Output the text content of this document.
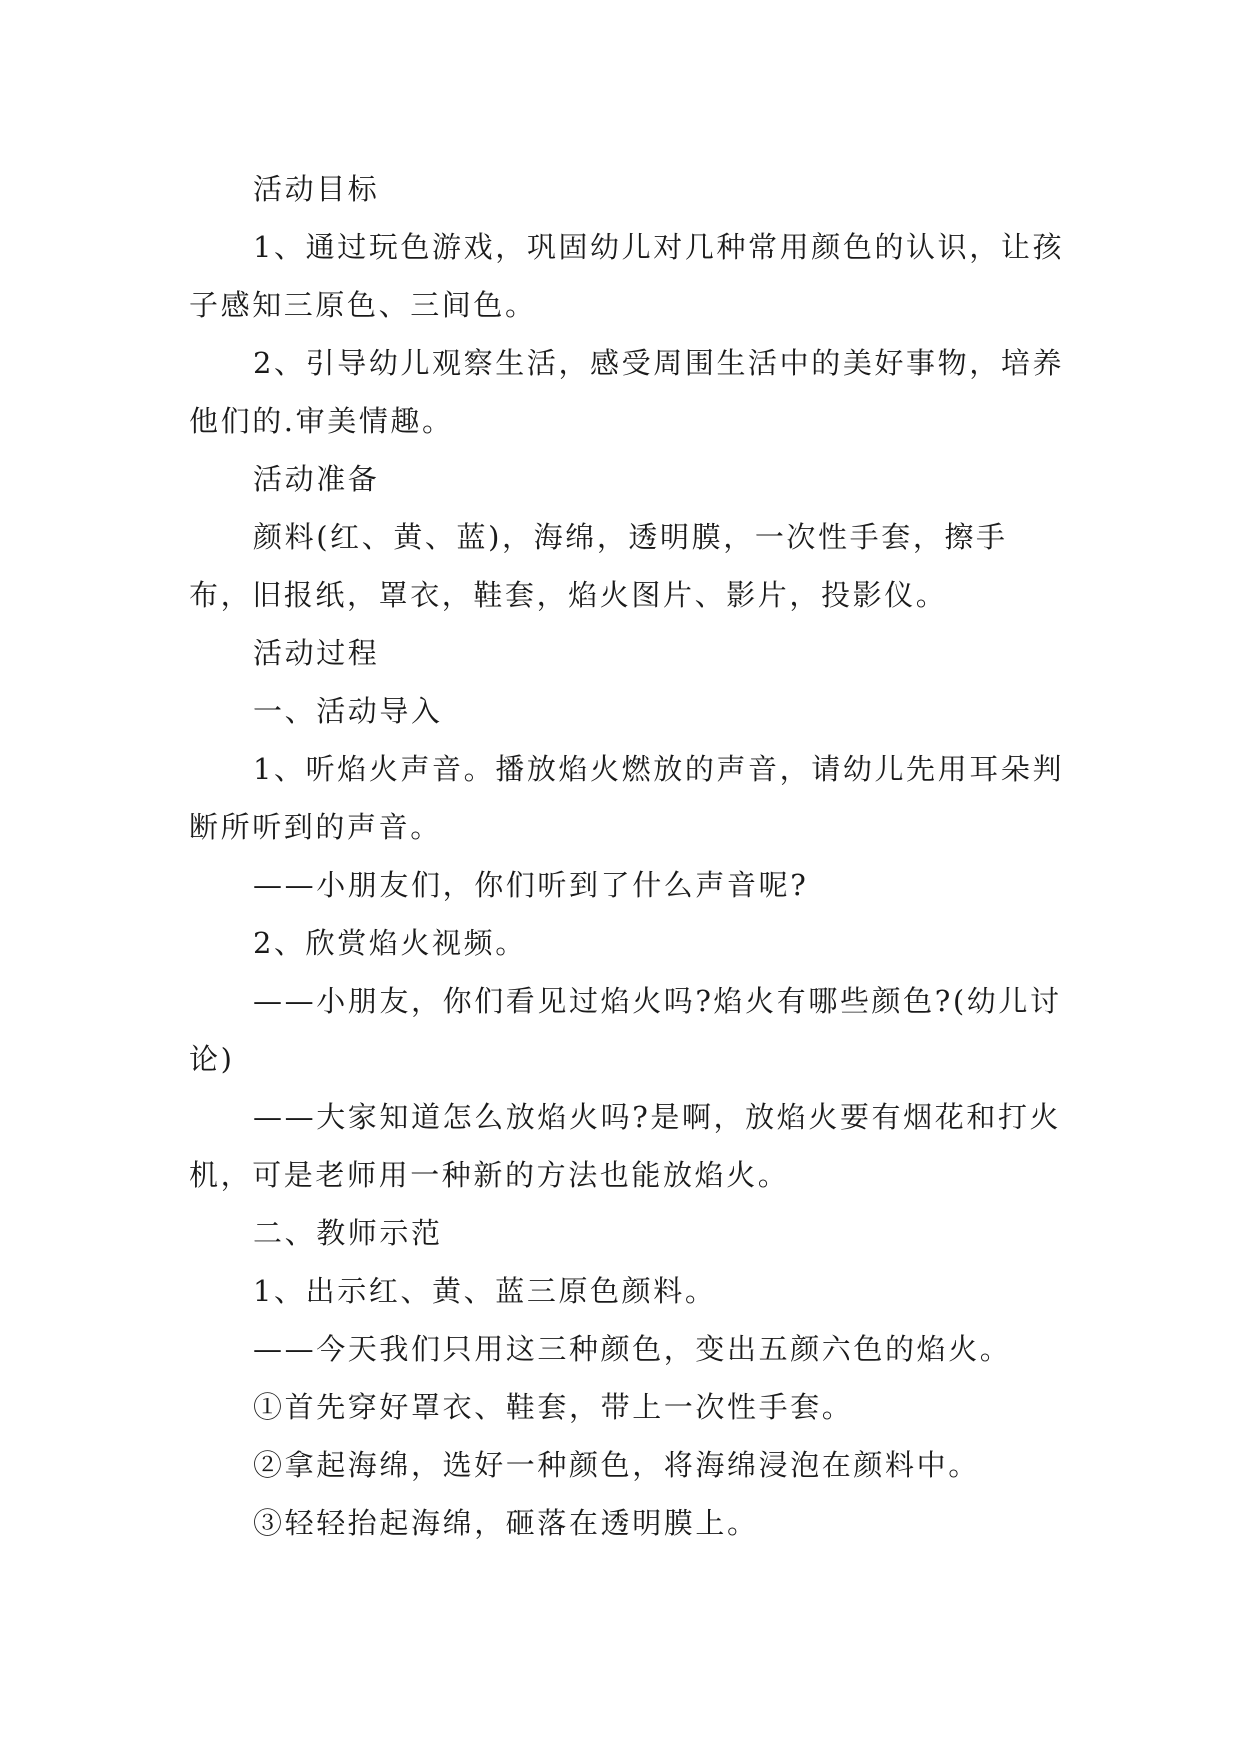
活动目标

1、通过玩色游戏，巩固幼儿对几种常用颜色的认识，让孩子感知三原色、三间色。

2、引导幼儿观察生活，感受周围生活中的美好事物，培养他们的.审美情趣。

活动准备

颜料(红、黄、蓝)，海绵，透明膜，一次性手套，擦手布，旧报纸，罩衣，鞋套，焰火图片、影片，投影仪。

活动过程

一、活动导入

1、听焰火声音。播放焰火燃放的声音，请幼儿先用耳朵判断所听到的声音。

——小朋友们，你们听到了什么声音呢?

2、欣赏焰火视频。

——小朋友，你们看见过焰火吗?焰火有哪些颜色?(幼儿讨论)

——大家知道怎么放焰火吗?是啊，放焰火要有烟花和打火机，可是老师用一种新的方法也能放焰火。

二、教师示范

1、出示红、黄、蓝三原色颜料。

——今天我们只用这三种颜色，变出五颜六色的焰火。

①首先穿好罩衣、鞋套，带上一次性手套。

②拿起海绵，选好一种颜色，将海绵浸泡在颜料中。

③轻轻抬起海绵，砸落在透明膜上。
